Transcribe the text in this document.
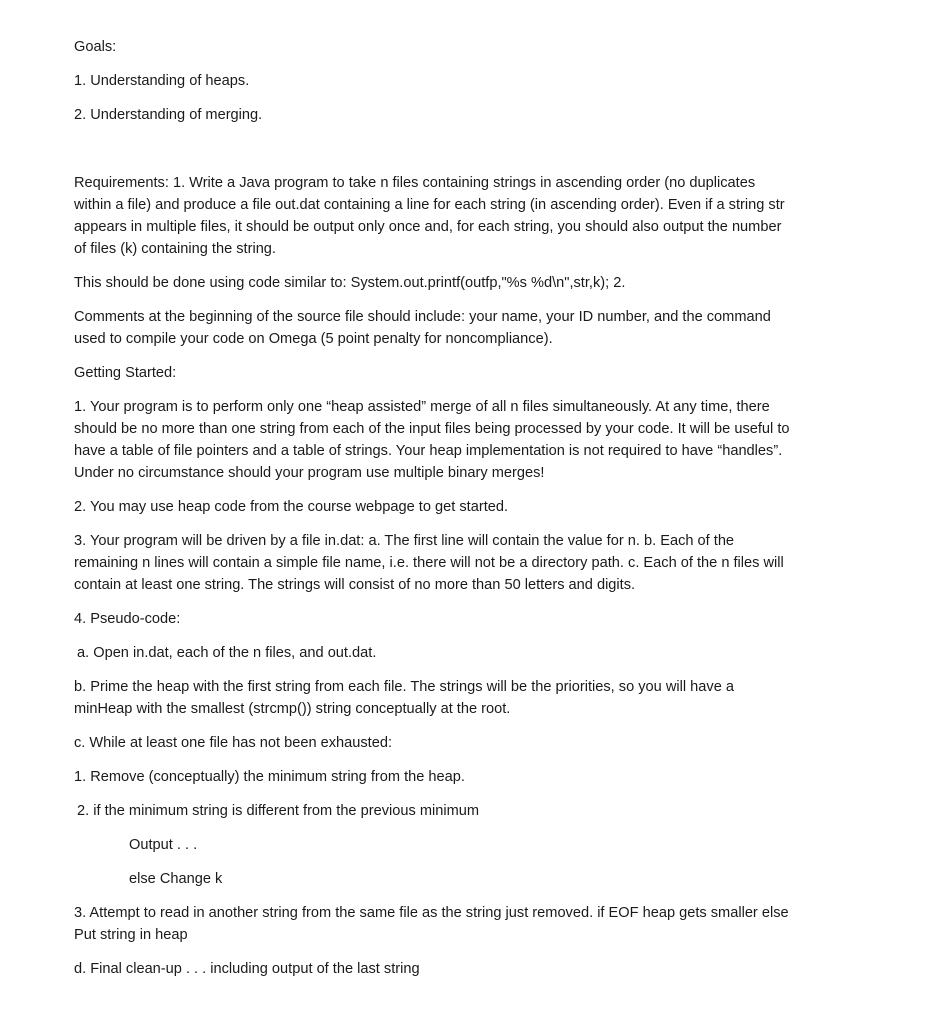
Goals:

1. Understanding of heaps.

2. Understanding of merging.

Requirements: 1. Write a Java program to take n files containing strings in ascending order (no duplicates within a file) and produce a file out.dat containing a line for each string (in ascending order). Even if a string str appears in multiple files, it should be output only once and, for each string, you should also output the number of files (k) containing the string.

This should be done using code similar to: System.out.printf(outfp,"%s %d\n",str,k); 2.

Comments at the beginning of the source file should include: your name, your ID number, and the command used to compile your code on Omega (5 point penalty for noncompliance).

Getting Started:

1. Your program is to perform only one “heap assisted” merge of all n files simultaneously. At any time, there should be no more than one string from each of the input files being processed by your code. It will be useful to have a table of file pointers and a table of strings. Your heap implementation is not required to have “handles”. Under no circumstance should your program use multiple binary merges!

2. You may use heap code from the course webpage to get started.

3. Your program will be driven by a file in.dat: a. The first line will contain the value for n. b. Each of the remaining n lines will contain a simple file name, i.e. there will not be a directory path. c. Each of the n files will contain at least one string. The strings will consist of no more than 50 letters and digits.

4. Pseudo-code:

a. Open in.dat, each of the n files, and out.dat.

b. Prime the heap with the first string from each file. The strings will be the priorities, so you will have a minHeap with the smallest (strcmp()) string conceptually at the root.

c. While at least one file has not been exhausted:

1. Remove (conceptually) the minimum string from the heap.

2. if the minimum string is different from the previous minimum

Output . . .

else Change k

3. Attempt to read in another string from the same file as the string just removed. if EOF heap gets smaller else Put string in heap

d. Final clean-up . . . including output of the last string
